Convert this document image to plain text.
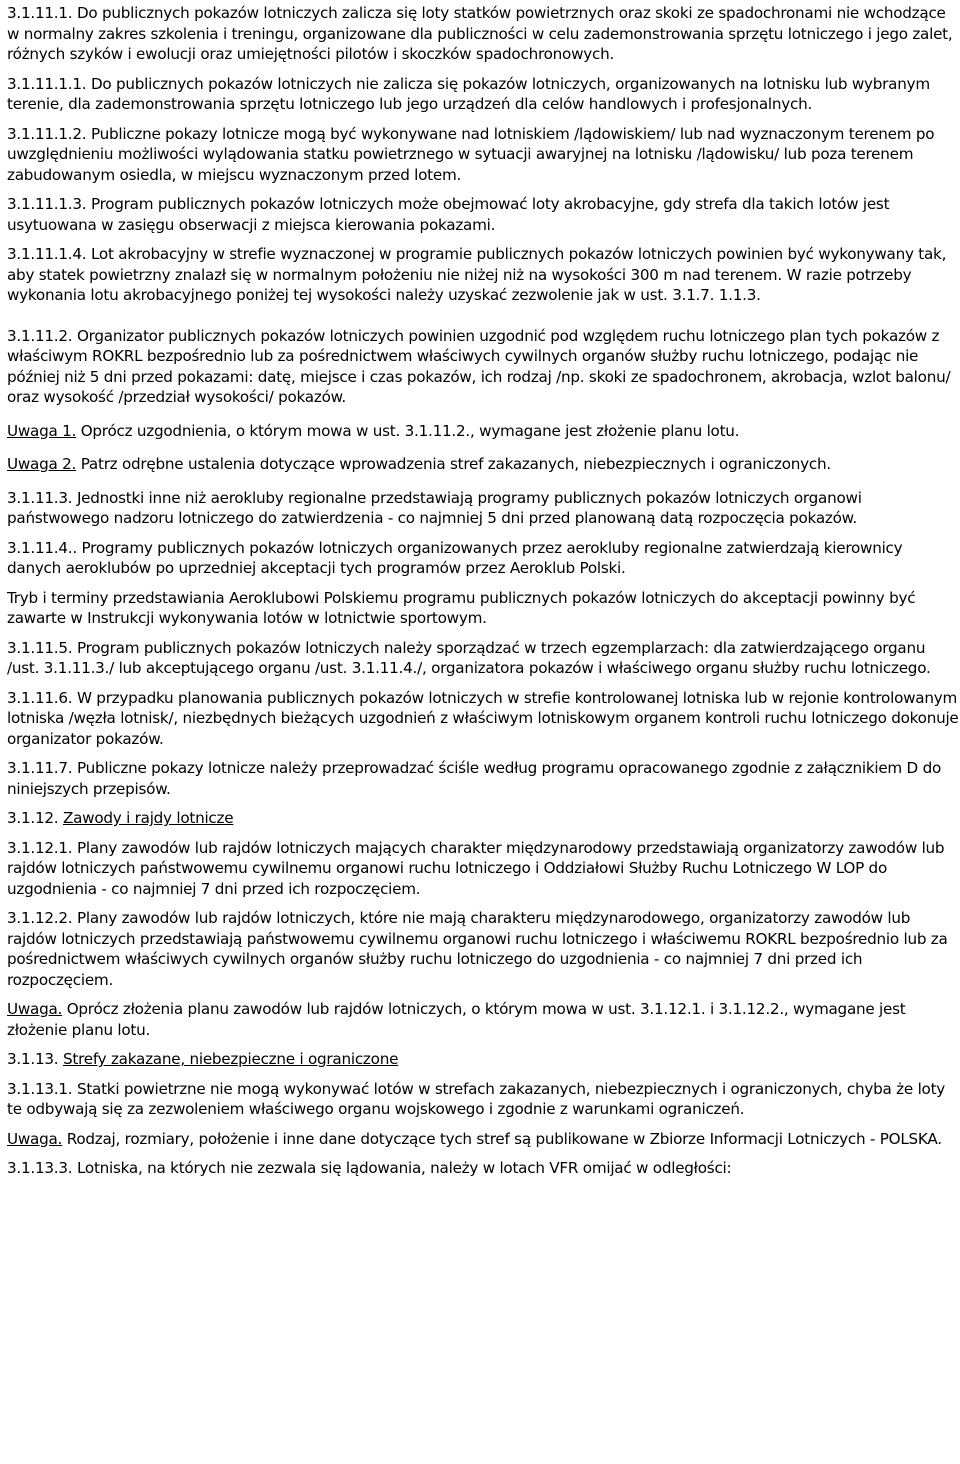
3.1.11.1. Do publicznych pokazów lotniczych zalicza się loty statków powietrznych oraz skoki ze spadochronami nie wchodzące w normalny zakres szkolenia i treningu, organizowane dla publiczności w celu zademonstrowania sprzętu lotniczego i jego zalet, różnych szyków i ewolucji oraz umiejętności pilotów i skoczków spadochronowych.

3.1.11.1.1. Do publicznych pokazów lotniczych nie zalicza się pokazów lotniczych, organizowanych na lotnisku lub wybranym terenie, dla zademonstrowania sprzętu lotniczego lub jego urządzeń dla celów handlowych i profesjonalnych.

3.1.11.1.2. Publiczne pokazy lotnicze mogą być wykonywane nad lotniskiem /lądowiskiem/ lub nad wyznaczonym terenem po uwzględnieniu możliwości wylądowania statku powietrznego w sytuacji awaryjnej na lotnisku /lądowisku/ lub poza terenem zabudowanym osiedla, w miejscu wyznaczonym przed lotem.

3.1.11.1.3. Program publicznych pokazów lotniczych może obejmować loty akrobacyjne, gdy strefa dla takich lotów jest usytuowana w zasięgu obserwacji z miejsca kierowania pokazami.

3.1.11.1.4. Lot akrobacyjny w strefie wyznaczonej w programie publicznych pokazów lotniczych powinien być wykonywany tak, aby statek powietrzny znalazł się w normalnym położeniu nie niżej niż na wysokości 300 m nad terenem. W razie potrzeby wykonania lotu akrobacyjnego poniżej tej wysokości należy uzyskać zezwolenie jak w ust. 3.1.7. 1.1.3.

3.1.11.2. Organizator publicznych pokazów lotniczych powinien uzgodnić pod względem ruchu lotniczego plan tych pokazów z właściwym ROKRL bezpośrednio lub za pośrednictwem właściwych cywilnych organów służby ruchu lotniczego, podając nie później niż 5 dni przed pokazami: datę, miejsce i czas pokazów, ich rodzaj /np. skoki ze spadochronem, akrobacja, wzlot balonu/ oraz wysokość /przedział wysokości/ pokazów.

Uwaga 1. Oprócz uzgodnienia, o którym mowa w ust. 3.1.11.2., wymagane jest złożenie planu lotu.

Uwaga 2. Patrz odrębne ustalenia dotyczące wprowadzenia stref zakazanych, niebezpiecznych i ograniczonych.

3.1.11.3. Jednostki inne niż aerokluby regionalne przedstawiają programy publicznych pokazów lotniczych organowi państwowego nadzoru lotniczego do zatwierdzenia - co najmniej 5 dni przed planowaną datą rozpoczęcia pokazów.

3.1.11.4.. Programy publicznych pokazów lotniczych organizowanych przez aerokluby regionalne zatwierdzają kierownicy danych aeroklubów po uprzedniej akceptacji tych programów przez Aeroklub Polski.

Tryb i terminy przedstawiania Aeroklubowi Polskiemu programu publicznych pokazów lotniczych do akceptacji powinny być zawarte w Instrukcji wykonywania lotów w lotnictwie sportowym.

3.1.11.5. Program publicznych pokazów lotniczych należy sporządzać w trzech egzemplarzach: dla zatwierdzającego organu /ust. 3.1.11.3./ lub akceptującego organu /ust. 3.1.11.4./, organizatora pokazów i właściwego organu służby ruchu lotniczego.

3.1.11.6. W przypadku planowania publicznych pokazów lotniczych w strefie kontrolowanej lotniska lub w rejonie kontrolowanym lotniska /węzła lotnisk/, niezbędnych bieżących uzgodnień z właściwym lotniskowym organem kontroli ruchu lotniczego dokonuje organizator pokazów.

3.1.11.7. Publiczne pokazy lotnicze należy przeprowadzać ściśle według programu opracowanego zgodnie z załącznikiem D do niniejszych przepisów.

3.1.12. Zawody i rajdy lotnicze

3.1.12.1. Plany zawodów lub rajdów lotniczych mających charakter międzynarodowy przedstawiają organizatorzy zawodów lub rajdów lotniczych państwowemu cywilnemu organowi ruchu lotniczego i Oddziałowi Służby Ruchu Lotniczego W LOP do uzgodnienia - co najmniej 7 dni przed ich rozpoczęciem.

3.1.12.2. Plany zawodów lub rajdów lotniczych, które nie mają charakteru międzynarodowego, organizatorzy zawodów lub rajdów lotniczych przedstawiają państwowemu cywilnemu organowi ruchu lotniczego i właściwemu ROKRL bezpośrednio lub za pośrednictwem właściwych cywilnych organów służby ruchu lotniczego do uzgodnienia - co najmniej 7 dni przed ich rozpoczęciem.

Uwaga. Oprócz złożenia planu zawodów lub rajdów lotniczych, o którym mowa w ust. 3.1.12.1. i 3.1.12.2., wymagane jest złożenie planu lotu.

3.1.13. Strefy zakazane, niebezpieczne i ograniczone

3.1.13.1. Statki powietrzne nie mogą wykonywać lotów w strefach zakazanych, niebezpiecznych i ograniczonych, chyba że loty te odbywają się za zezwoleniem właściwego organu wojskowego i zgodnie z warunkami ograniczeń.

Uwaga. Rodzaj, rozmiary, położenie i inne dane dotyczące tych stref są publikowane w Zbiorze Informacji Lotniczych - POLSKA.

3.1.13.3. Lotniska, na których nie zezwala się lądowania, należy w lotach VFR omijać w odległości:
